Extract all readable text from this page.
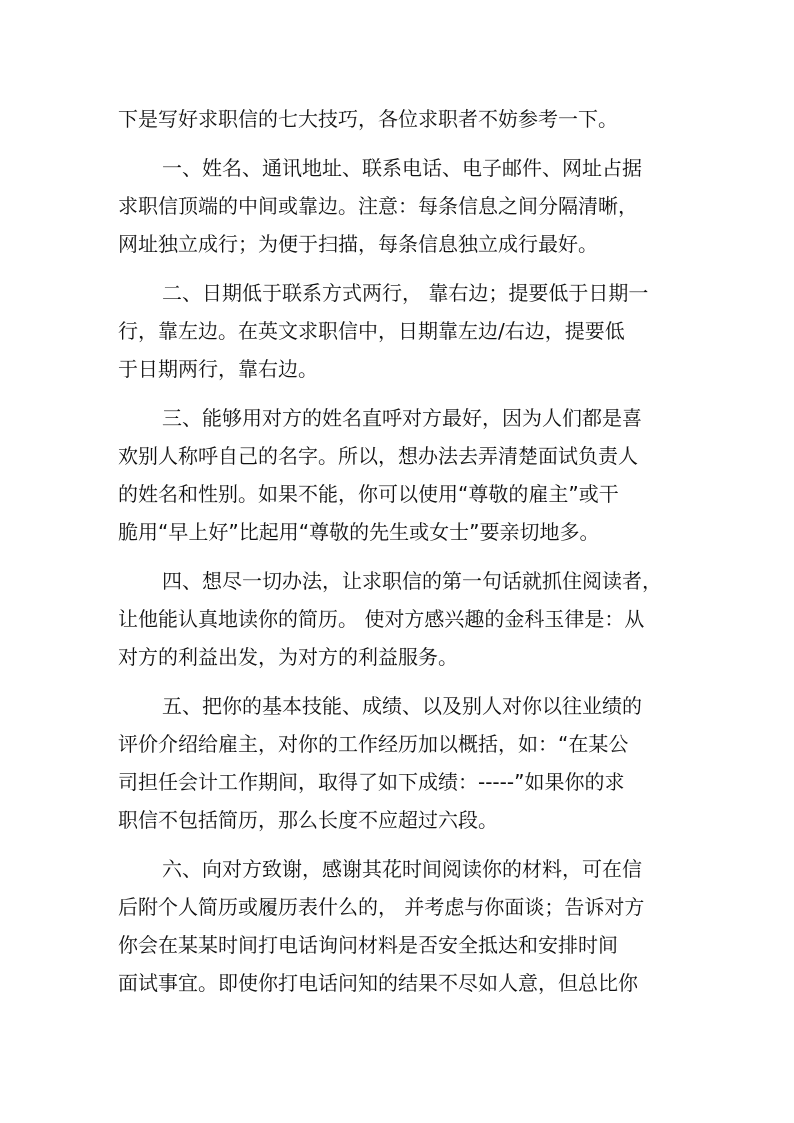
下是写好求职信的七大技巧，各位求职者不妨参考一下。
一、姓名、通讯地址、联系电话、电子邮件、网址占据
求职信顶端的中间或靠边。注意：每条信息之间分隔清晰，
网址独立成行；为便于扫描，每条信息独立成行最好。
二、日期低于联系方式两行， 靠右边；提要低于日期一
行，靠左边。在英文求职信中，日期靠左边/右边，提要低
于日期两行，靠右边。
三、能够用对方的姓名直呼对方最好，因为人们都是喜
欢别人称呼自己的名字。所以，想办法去弄清楚面试负责人
的姓名和性别。如果不能，你可以使用“尊敬的雇主”或干
脆用“早上好”比起用“尊敬的先生或女士”要亲切地多。
四、想尽一切办法，让求职信的第一句话就抓住阅读者，
让他能认真地读你的简历。 使对方感兴趣的金科玉律是：从
对方的利益出发，为对方的利益服务。
五、把你的基本技能、成绩、以及别人对你以往业绩的
评价介绍给雇主，对你的工作经历加以概括，如：“在某公
司担任会计工作期间，取得了如下成绩：-----”如果你的求
职信不包括简历，那么长度不应超过六段。
六、向对方致谢，感谢其花时间阅读你的材料，可在信
后附个人简历或履历表什么的， 并考虑与你面谈；告诉对方
你会在某某时间打电话询问材料是否安全抵达和安排时间
面试事宜。即使你打电话问知的结果不尽如人意，但总比你
